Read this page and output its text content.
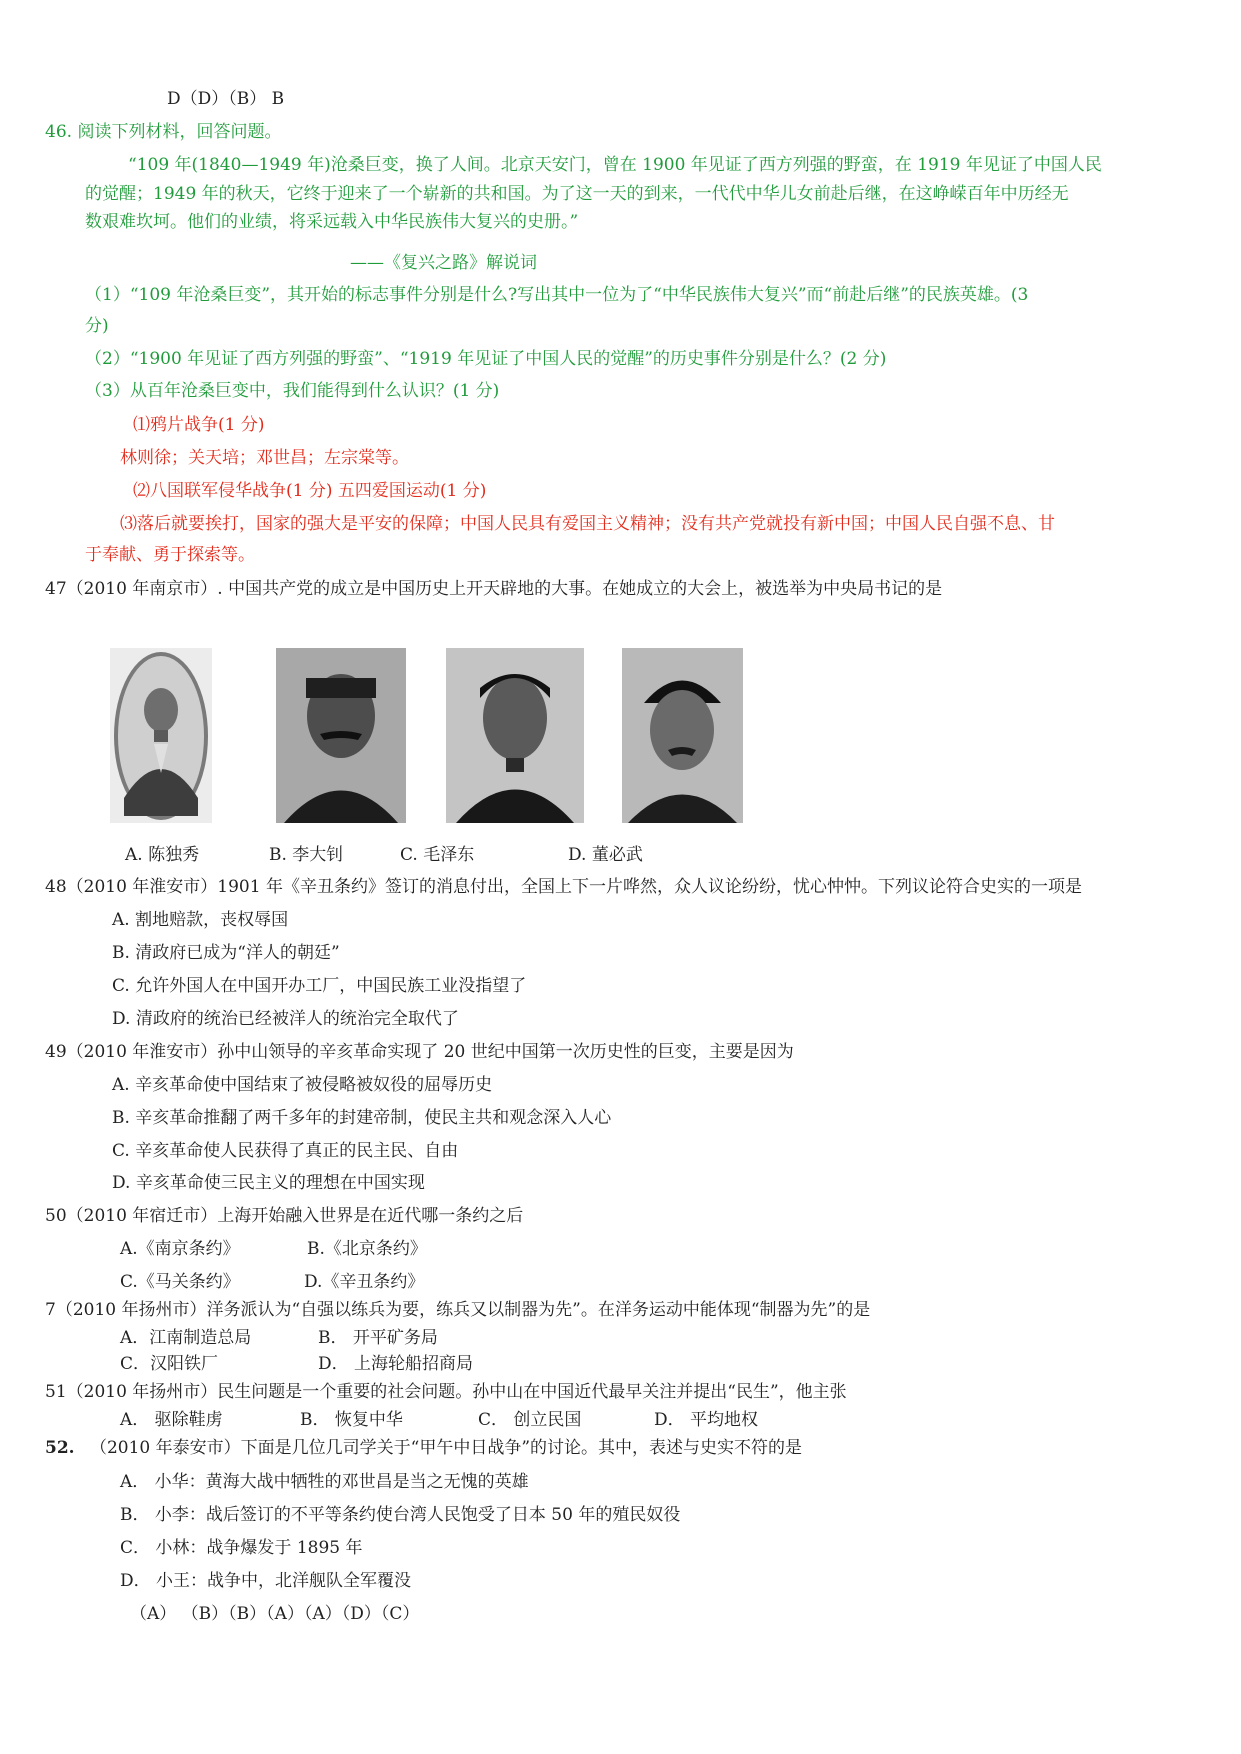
D（D）（B） B
46. 阅读下列材料，回答问题。
“109 年(1840—1949 年)沧桑巨变，换了人间。北京天安门，曾在 1900 年见证了西方列强的野蛮，在 1919 年见证了中国人民
的觉醒；1949 年的秋天，它终于迎来了一个崭新的共和国。为了这一天的到来，一代代中华儿女前赴后继，在这峥嵘百年中历经无
数艰难坎坷。他们的业绩，将采远载入中华民族伟大复兴的史册。”
——《复兴之路》解说词
（1）“109 年沧桑巨变”，其开始的标志事件分别是什么?写出其中一位为了“中华民族伟大复兴”而“前赴后继”的民族英雄。(3
分)
（2）“1900 年见证了西方列强的野蛮”、“1919 年见证了中国人民的觉醒”的历史事件分别是什么？(2 分)
（3）从百年沧桑巨变中，我们能得到什么认识？(1 分)
⑴鸦片战争(1 分)
林则徐；关天培；邓世昌；左宗棠等。
⑵八国联军侵华战争(1 分) 五四爱国运动(1 分)
⑶落后就要挨打，国家的强大是平安的保障；中国人民具有爱国主义精神；没有共产党就投有新中国；中国人民自强不息、甘
于奉献、勇于探索等。
47（2010 年南京市）. 中国共产党的成立是中国历史上开天辟地的大事。在她成立的大会上，被选举为中央局书记的是
A. 陈独秀	B. 李大钊	C. 毛泽东	D. 董必武
48（2010 年淮安市）1901 年《辛丑条约》签订的消息付出，全国上下一片哗然，众人议论纷纷，忧心忡忡。下列议论符合史实的一项是
A. 割地赔款，丧权辱国
B. 清政府已成为“洋人的朝廷”
C. 允许外国人在中国开办工厂，中国民族工业没指望了
D. 清政府的统治已经被洋人的统治完全取代了
49（2010 年淮安市）孙中山领导的辛亥革命实现了 20 世纪中国第一次历史性的巨变，主要是因为
A. 辛亥革命使中国结束了被侵略被奴役的屈辱历史
B. 辛亥革命推翻了两千多年的封建帝制，使民主共和观念深入人心
C. 辛亥革命使人民获得了真正的民主民、自由
D. 辛亥革命使三民主义的理想在中国实现
50（2010 年宿迁市）上海开始融入世界是在近代哪一条约之后
A.《南京条约》	B.《北京条约》
C.《马关条约》	D.《辛丑条约》
7（2010 年扬州市）洋务派认为“自强以练兵为要，练兵又以制器为先”。在洋务运动中能体现“制器为先”的是
A．江南制造总局	B． 开平矿务局
C．汉阳铁厂	D． 上海轮船招商局
51（2010 年扬州市）民生问题是一个重要的社会问题。孙中山在中国近代最早关注并提出“民生”，他主张
A． 驱除鞋虏	B． 恢复中华	C． 创立民国	D． 平均地权
52. （2010 年泰安市）下面是几位几司学关于“甲午中日战争”的讨论。其中，表述与史实不符的是
A． 小华：黄海大战中牺牲的邓世昌是当之无愧的英雄
B． 小李：战后签订的不平等条约使台湾人民饱受了日本 50 年的殖民奴役
C． 小林：战争爆发于 1895 年
D． 小王：战争中，北洋舰队全军覆没
（A） （B）（B）（A）（A）（D）（C）
